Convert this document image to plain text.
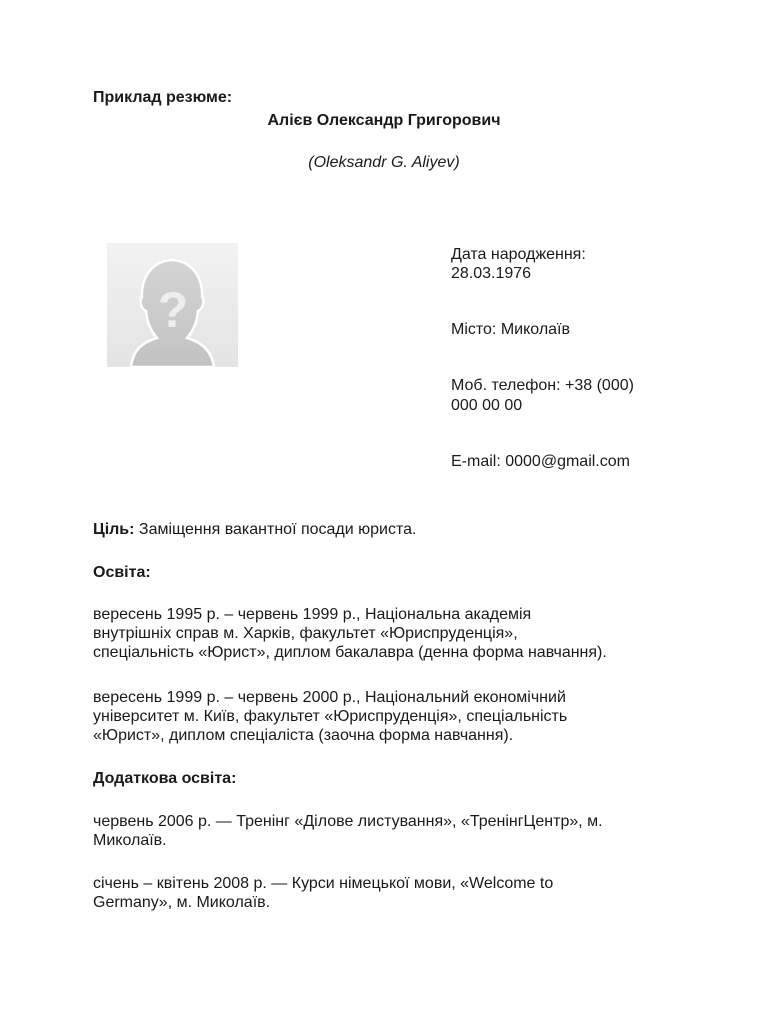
Приклад резюме:
Алієв Олександр Григорович
(Oleksandr G. Aliyev)
?
Дата народження:
28.03.1976
Місто: Миколаїв
Моб. телефон: +38 (000)
000 00 00
E-mail: 0000@gmail.com
Ціль: Заміщення вакантної посади юриста.
Освіта:
вересень 1995 р. – червень 1999 р., Національна академія
внутрішніх справ м. Харків, факультет «Юриспруденція»,
спеціальність «Юрист», диплом бакалавра (денна форма навчання).
вересень 1999 р. – червень 2000 р., Національний економічний
університет м. Київ, факультет «Юриспруденція», спеціальність
«Юрист», диплом спеціаліста (заочна форма навчання).
Додаткова освіта:
червень 2006 р. — Тренінг «Ділове листування», «ТренінгЦентр», м.
Миколаїв.
січень – квітень 2008 р. — Курси німецької мови, «Welcome to
Germany», м. Миколаїв.
